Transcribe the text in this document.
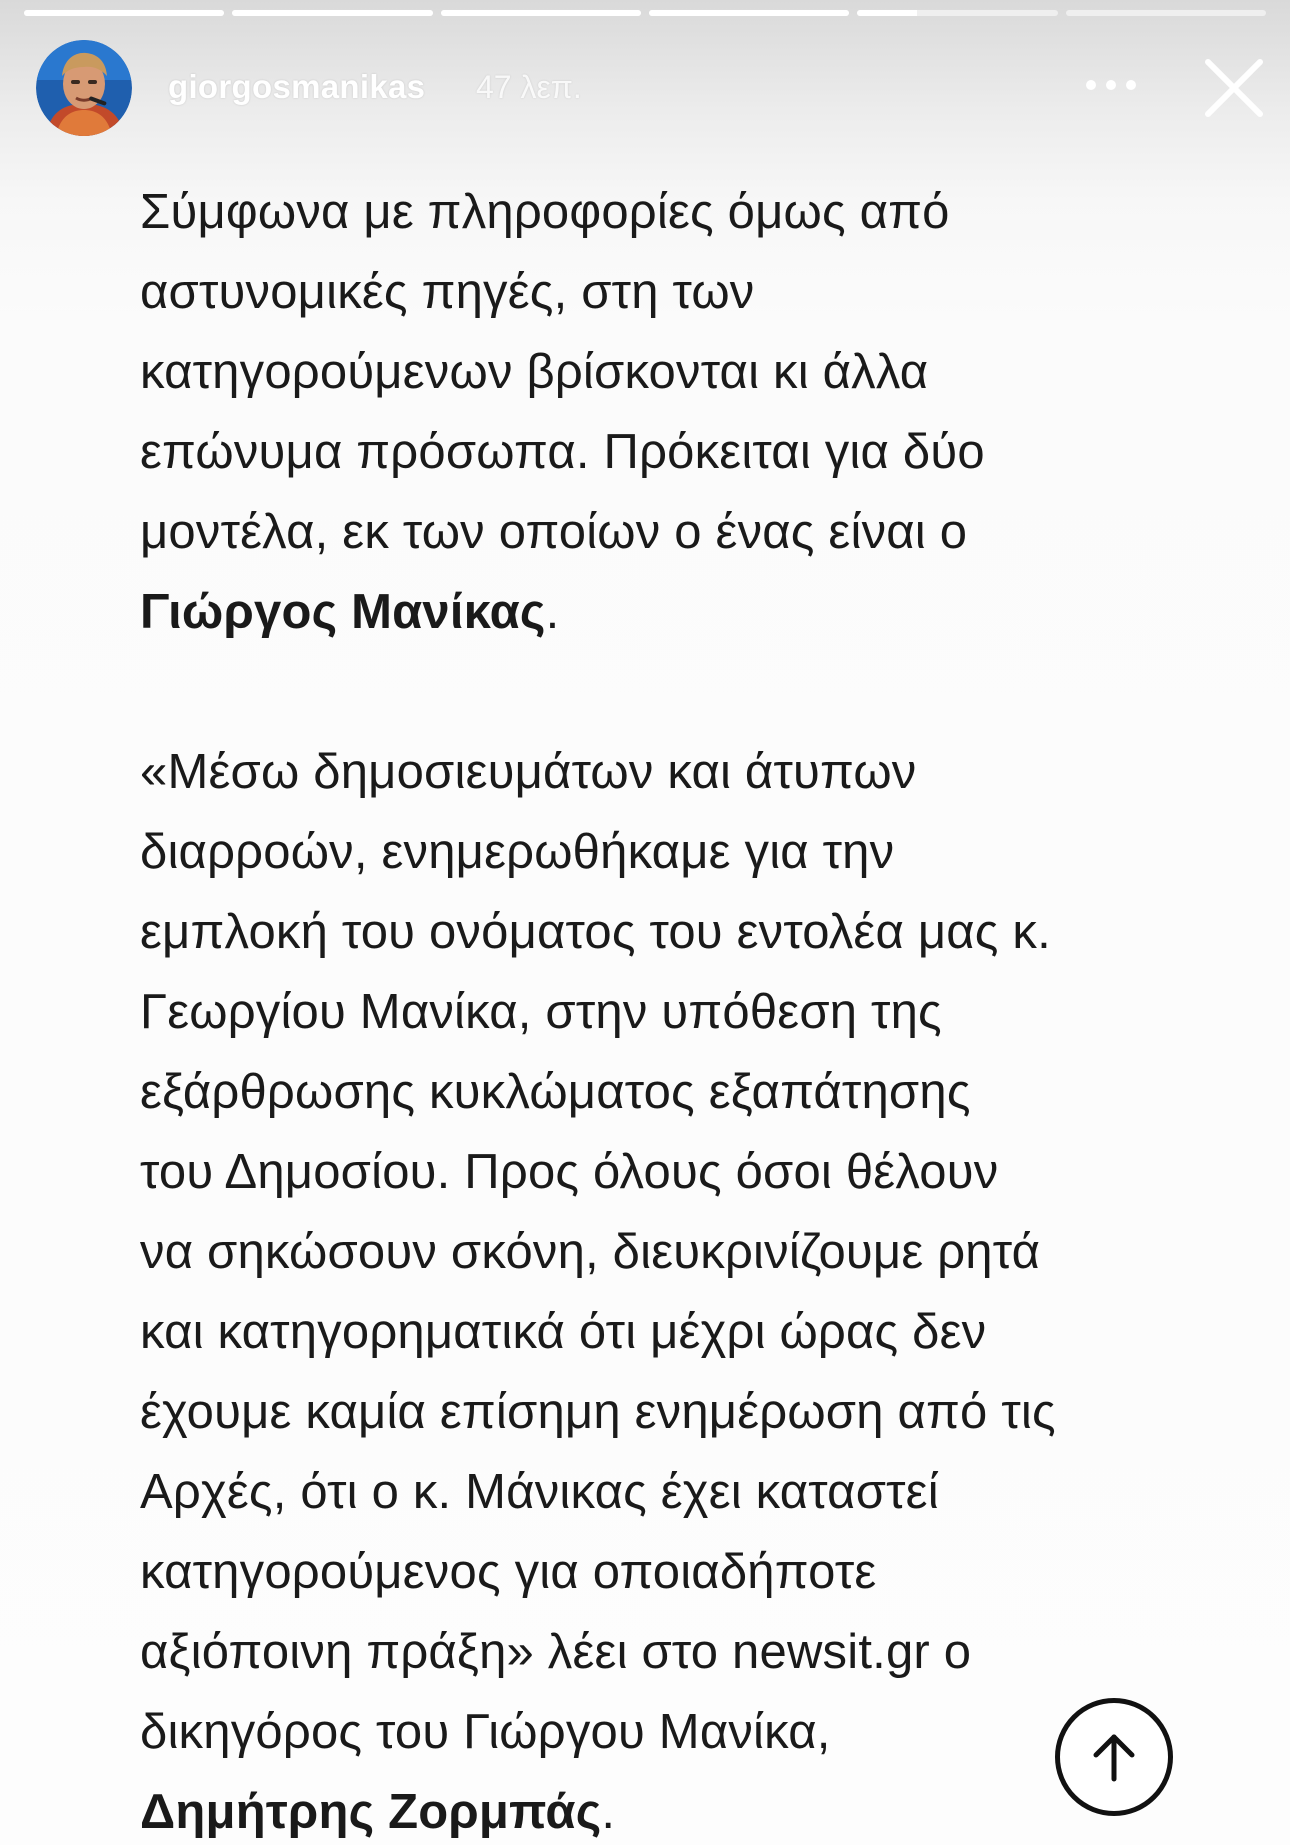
giorgosmanikas 47 λεπ.

Σύμφωνα με πληροφορίες όμως από
αστυνομικές πηγές, στη των
κατηγορούμενων βρίσκονται κι άλλα
επώνυμα πρόσωπα. Πρόκειται για δύο
μοντέλα, εκ των οποίων ο ένας είναι ο
Γιώργος Μανίκας.

«Μέσω δημοσιευμάτων και άτυπων
διαρροών, ενημερωθήκαμε για την
εμπλοκή του ονόματος του εντολέα μας κ.
Γεωργίου Μανίκα, στην υπόθεση της
εξάρθρωσης κυκλώματος εξαπάτησης
του Δημοσίου. Προς όλους όσοι θέλουν
να σηκώσουν σκόνη, διευκρινίζουμε ρητά
και κατηγορηματικά ότι μέχρι ώρας δεν
έχουμε καμία επίσημη ενημέρωση από τις
Αρχές, ότι ο κ. Μάνικας έχει καταστεί
κατηγορούμενος για οποιαδήποτε
αξιόποινη πράξη» λέει στο newsit.gr ο
δικηγόρος του Γιώργου Μανίκα,
Δημήτρης Ζορμπάς.
